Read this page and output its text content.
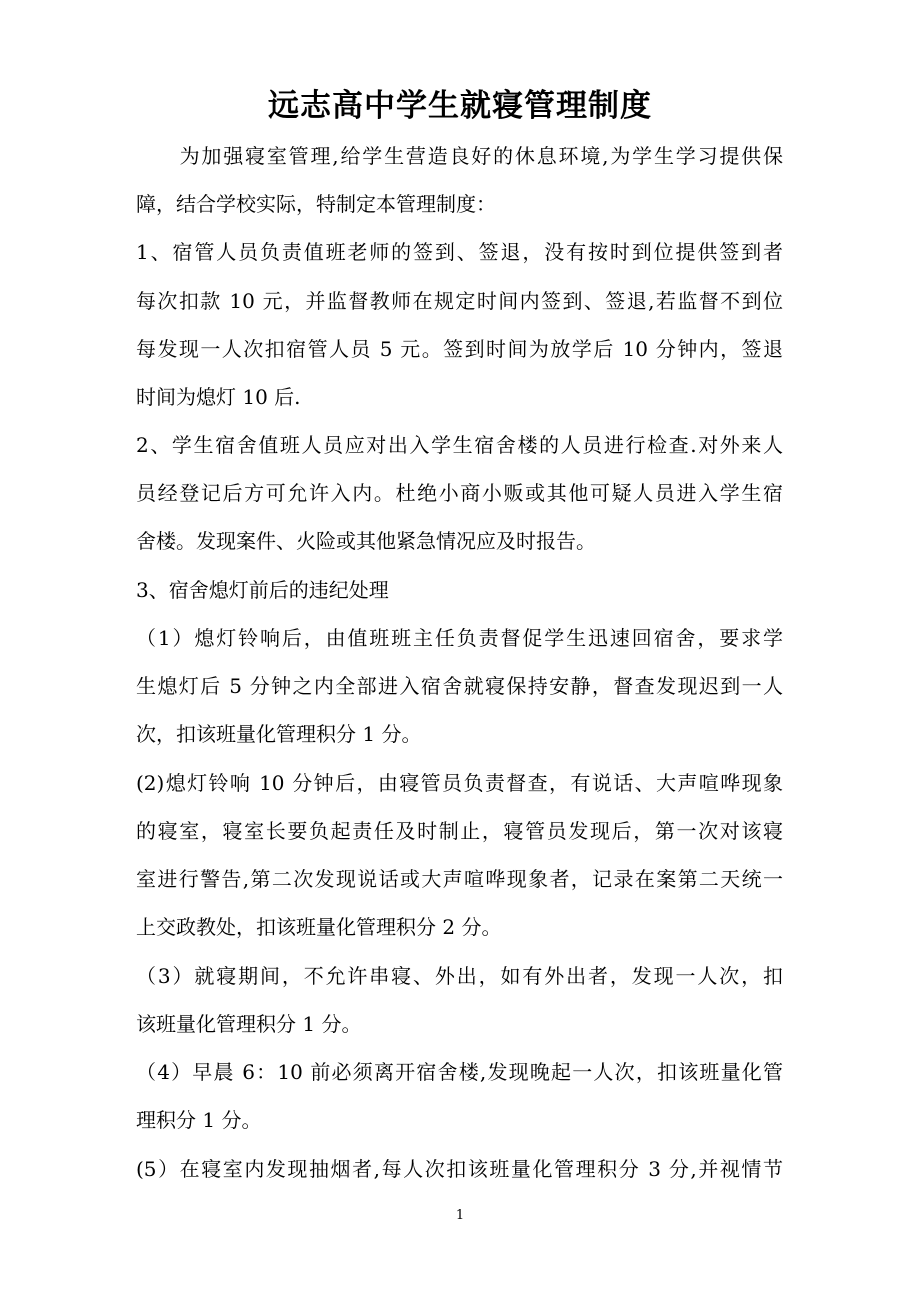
远志高中学生就寝管理制度
　　为加强寝室管理,给学生营造良好的休息环境,为学生学习提供保
障，结合学校实际，特制定本管理制度：
1、宿管人员负责值班老师的签到、签退，没有按时到位提供签到者
每次扣款 10 元，并监督教师在规定时间内签到、签退,若监督不到位
每发现一人次扣宿管人员 5 元。签到时间为放学后 10 分钟内，签退
时间为熄灯 10 后.
2、学生宿舍值班人员应对出入学生宿舍楼的人员进行检查.对外来人
员经登记后方可允许入内。杜绝小商小贩或其他可疑人员进入学生宿
舍楼。发现案件、火险或其他紧急情况应及时报告。
3、宿舍熄灯前后的违纪处理
（1）熄灯铃响后，由值班班主任负责督促学生迅速回宿舍，要求学
生熄灯后 5 分钟之内全部进入宿舍就寝保持安静，督查发现迟到一人
次，扣该班量化管理积分 1 分。
(2)熄灯铃响 10 分钟后，由寝管员负责督查，有说话、大声喧哗现象
的寝室，寝室长要负起责任及时制止，寝管员发现后，第一次对该寝
室进行警告,第二次发现说话或大声喧哗现象者，记录在案第二天统一
上交政教处，扣该班量化管理积分 2 分。
（3）就寝期间，不允许串寝、外出，如有外出者，发现一人次，扣
该班量化管理积分 1 分。
（4）早晨 6：10 前必须离开宿舍楼,发现晚起一人次，扣该班量化管
理积分 1 分。
(5）在寝室内发现抽烟者,每人次扣该班量化管理积分 3 分,并视情节
1
